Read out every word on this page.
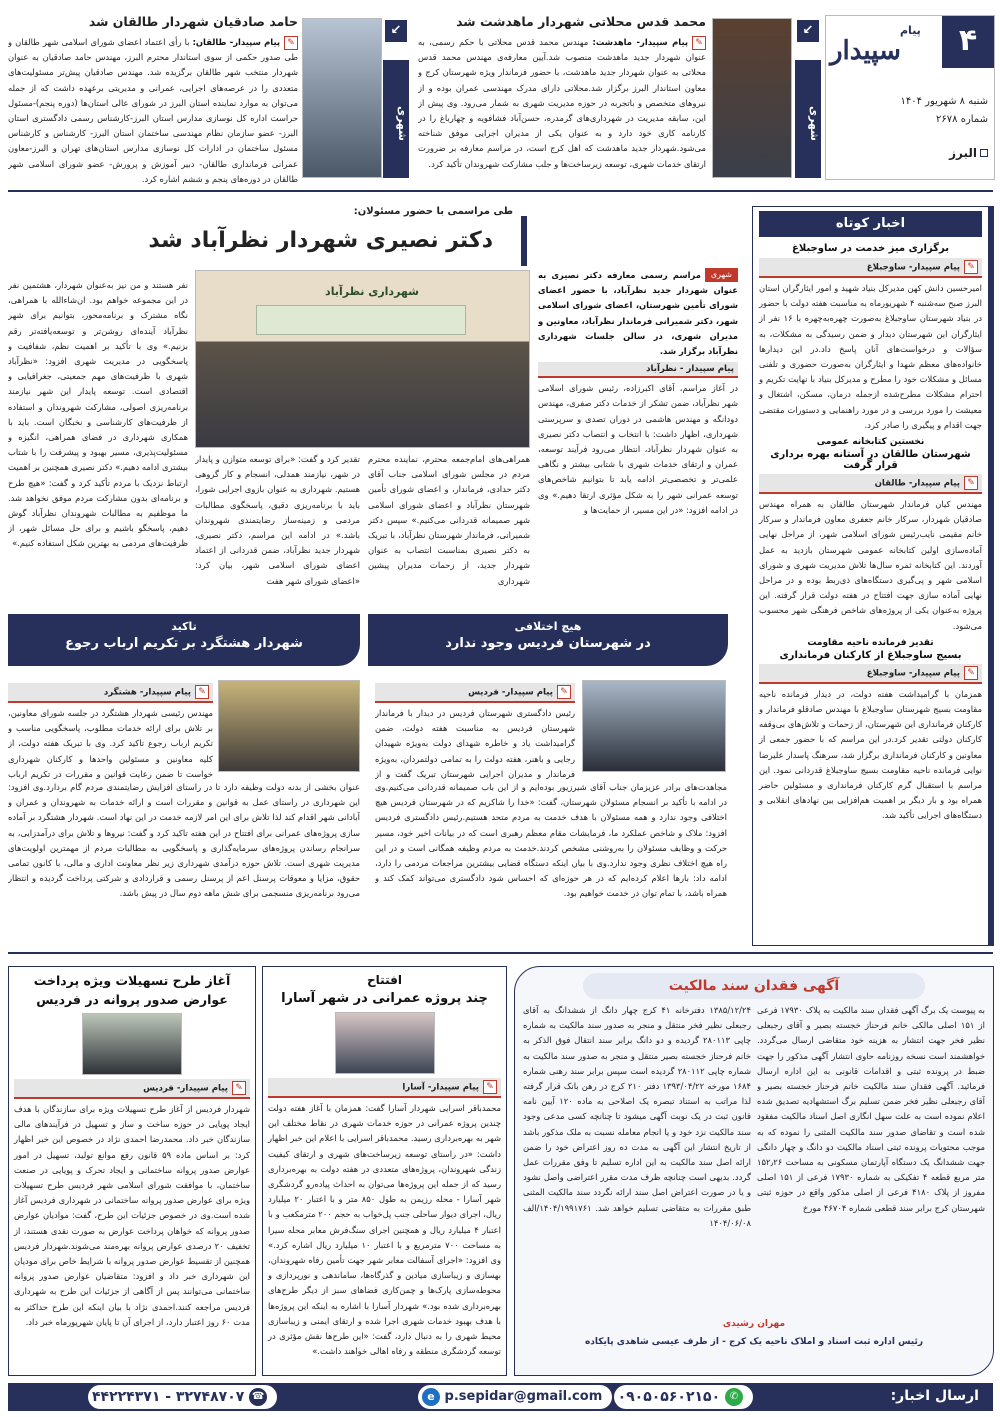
۴
پیام
سپیدار
شنبه ۸ شهریور ۱۴۰۴
شماره ۲۶۷۸
البرز
شهری
↙
محمد قدس محلاتی شهردار ماهدشت شد

✎پیام سپیدار- ماهدشت: مهندس محمد قدس محلاتی با حکم رسمی، به عنوان شهردار جدید ماهدشت منصوب شد.آیین معارفه‌ی مهندس محمد قدس محلاتی به عنوان شهردار جدید ماهدشت، با حضور فرماندار ویژه شهرستان کرج و معاون استاندار البرز برگزار شد.محلاتی دارای مدرک مهندسی عمران بوده و از نیروهای متخصص و باتجربه در حوزه مدیریت شهری به شمار می‌رود. وی پیش از این، سابقه مدیریت در شهرداری‌های گرمدره، حسن‌آباد فشافویه و چهارباغ را در کارنامه کاری خود دارد و به عنوان یکی از مدیران اجرایی موفق شناخته می‌شود.شهردار جدید ماهدشت که اهل کرج است، در مراسم معارفه بر ضرورت ارتقای خدمات شهری، توسعه زیرساخت‌ها و جلب مشارکت شهروندان تأکید کرد.

شهری
↙
حامد صادقیان شهردار طالقان شد

✎پیام سپیدار- طالقان: با رأی اعتماد اعضای شورای اسلامی شهر طالقان و طی صدور حکمی از سوی استاندار محترم البرز، مهندس حامد صادقیان به عنوان شهردار منتخب شهر طالقان برگزیده شد. مهندس صادقیان پیش‌تر مسئولیت‌های متعددی را در عرصه‌های اجرایی، عمرانی و مدیریتی برعهده داشت که از جمله می‌توان به موارد نماینده استان البرز در شورای عالی استان‌ها (دوره پنجم)-مسئول حراست اداره کل نوسازی مدارس استان البرز-کارشناس رسمی دادگستری استان البرز- عضو سازمان نظام مهندسی ساختمان استان البرز- کارشناس و کارشناس مسئول ساختمان در ادارات کل نوسازی مدارس استان‌های تهران و البرز-معاون عمرانی فرمانداری طالقان- دبیر آموزش و پرورش- عضو شورای اسلامی شهر طالقان در دوره‌های پنجم و ششم اشاره کرد.

طی مراسمی با حضور مسئولان:
دکتر نصیری شهردار نظرآباد شد

شهری
مراسم رسمی معارفه دکتر نصیری به عنوان شهردار جدید نظرآباد، با حضور اعضای شورای تأمین شهرستان، اعضای شورای اسلامی شهر، دکتر شمیرانی فرماندار نظرآباد، معاونین و مدیران شهری، در سالن جلسات شهرداری نظرآباد برگزار شد.

پیام سپیدار - نظرآباد

در آغاز مراسم، آقای اکبرزاده، رئیس شورای اسلامی شهر نظرآباد، ضمن تشکر از خدمات دکتر صفری، مهندس دودانگه و مهندس هاشمی در دوران تصدی و سرپرستی شهرداری، اظهار داشت: با انتخاب و انتصاب دکتر نصیری به عنوان شهردار نظرآباد، انتظار می‌رود فرآیند توسعه، عمران و ارتقای خدمات شهری با شتابی بیشتر و نگاهی علمی‌تر و تخصصی‌تر ادامه یابد تا بتوانیم شاخص‌های توسعه عمرانی شهر را به شکل مؤثری ارتقا دهیم.» وی در ادامه افزود: «در این مسیر، از حمایت‌ها و

شهرداری نظرآباد

همراهی‌های امام‌جمعه محترم، نماینده محترم مردم در مجلس شورای اسلامی جناب آقای دکتر حدادی، فرماندار، و اعضای شورای تأمین شهرستان نظرآباد و اعضای شورای اسلامی شهر صمیمانه قدردانی می‌کنیم.» سپس دکتر شمیرانی، فرماندار شهرستان نظرآباد، با تبریک به دکتر نصیری بمناسبت انتصاب به عنوان شهردار جدید، از زحمات مدیران پیشین شهرداری

تقدیر کرد و گفت: «برای توسعه متوازن و پایدار در شهر، نیازمند همدلی، انسجام و کار گروهی هستیم. شهرداری به عنوان بازوی اجرایی شورا، باید با برنامه‌ریزی دقیق، پاسخگوی مطالبات مردمی و زمینه‌ساز رضایتمندی شهروندان باشد.» در ادامه این مراسم، دکتر نصیری، شهردار جدید نظرآباد، ضمن قدردانی از اعتماد اعضای شورای اسلامی شهر، بیان کرد: «اعضای شورای شهر هفت

نفر هستند و من نیز به‌عنوان شهردار، هشتمین نفر در این مجموعه خواهم بود. ان‌شاءالله با همراهی، نگاه مشترک و برنامه‌محور، بتوانیم برای شهر نظرآباد آینده‌ای روشن‌تر و توسعه‌یافته‌تر رقم بزنیم.» وی با تأکید بر اهمیت نظم، شفافیت و پاسخگویی در مدیریت شهری افزود: «نظرآباد شهری با ظرفیت‌های مهم جمعیتی، جغرافیایی و اقتصادی است. توسعه پایدار این شهر نیازمند برنامه‌ریزی اصولی، مشارکت شهروندان و استفاده از ظرفیت‌های کارشناسی و نخبگان است. باید با همکاری شهرداری در فضای همراهی، انگیزه و مسئولیت‌پذیری، مسیر بهبود و پیشرفت را با شتاب بیشتری ادامه دهیم.» دکتر نصیری همچنین بر اهمیت ارتباط نزدیک با مردم تأکید کرد و گفت: «هیچ طرح و برنامه‌ای بدون مشارکت مردم موفق نخواهد شد. ما موظفیم به مطالبات شهروندان نظرآباد گوش دهیم، پاسخگو باشیم و برای حل مسائل شهر، از ظرفیت‌های مردمی به بهترین شکل استفاده کنیم.»

اخبار کوتاه
برگزاری میز خدمت در ساوجبلاغ
✎پیام سپیدار- ساوجبلاغ

امیرحسین دانش کهن مدیرکل بنیاد شهید و امور ایثارگران استان البرز صبح سه‌شنبه ۴ شهریورماه به مناسبت هفته دولت با حضور در بنیاد شهرستان ساوجبلاغ به‌صورت چهره‌به‌چهره با ۱۶ نفر از ایثارگران این شهرستان دیدار و ضمن رسیدگی به مشکلات، به سؤالات و درخواست‌های آنان پاسخ داد.در این دیدارها خانواده‌های معظم شهدا و ایثارگران به‌صورت حضوری و تلفنی مسائل و مشکلات خود را مطرح و مدیرکل بنیاد با نهایت تکریم و احترام مشکلات مطرح‌شده ازجمله درمان، مسکن، اشتغال و معیشت را مورد بررسی و در مورد راهنمایی و دستورات مقتضی جهت اقدام و پیگیری را صادر کرد.

نخستین کتابخانه عمومی
شهرستان طالقان در آستانه بهره برداری قرار گرفت
✎پیام سپیدار- طالقان

مهندس کیان فرماندار شهرستان طالقان به همراه مهندس صادقیان شهردار، سرکار خانم جعفری معاون فرماندار و سرکار خانم مقیمی نایب‌رئیس شورای اسلامی شهر، از مراحل نهایی آماده‌سازی اولین کتابخانه عمومی شهرستان بازدید به عمل آوردند. این کتابخانه ثمره سال‌ها تلاش مدیریت شهری و شورای اسلامی شهر و پی‌گیری دستگاه‌های ذی‌ربط بوده و در مراحل نهایی آماده سازی جهت افتتاح در هفته دولت قرار گرفته. این پروژه به‌عنوان یکی از پروژه‌های شاخص فرهنگی شهر محسوب می‌شود.

تقدیر فرمانده ناحیه مقاومت
بسیج ساوجبلاغ از کارکنان فرمانداری
✎پیام سپیدار- ساوجبلاغ

همزمان با گرامیداشت هفته دولت، در دیدار فرمانده ناحیه مقاومت بسیج شهرستان ساوجبلاغ با مهندس صادقلو فرماندار و کارکنان فرمانداری این شهرستان، از زحمات و تلاش‌های بی‌وقفه کارکنان دولتی تقدیر کرد.در این مراسم که با حضور جمعی از معاونین و کارکنان فرمانداری برگزار شد، سرهنگ پاسدار علیرضا نوایی فرمانده ناحیه مقاومت بسیج ساوجبلاغ قدردانی نمود. این مراسم با استقبال گرم کارکنان فرمانداری و مسئولین حاضر همراه بود و بار دیگر بر اهمیت هم‌افزایی بین نهادهای انقلابی و دستگاه‌های اجرایی تأکید شد.

هیچ اختلافی
در شهرستان فردیس وجود ندارد
✎پیام سپیدار- فردیس

رئیس دادگستری شهرستان فردیس در دیدار با فرماندار شهرستان فردیس به مناسبت هفته دولت، ضمن گرامیداشت یاد و خاطره شهدای دولت به‌ویژه شهیدان رجایی و باهنر، هفته دولت را به تمامی دولتمردان، به‌ویژه فرماندار و مدیران اجرایی شهرستان تبریک گفت و از

مجاهدت‌های برادر عزیزمان جناب آقای شیرزیور بوده‌ایم و از این باب صمیمانه قدردانی می‌کنیم.وی در ادامه با تأکید بر انسجام مسئولان شهرستان، گفت: «خدا را شاکریم که در شهرستان فردیس هیچ اختلافی وجود ندارد و همه مسئولان با هدف خدمت به مردم متحد هستیم.رئیس دادگستری فردیس افزود: ملاک و شاخص عملکرد ما، فرمایشات مقام معظم رهبری است که در بیانات اخیر خود، مسیر حرکت و وظایف مسئولان را به‌روشنی مشخص کردند.خدمت به مردم وظیفه همگانی است و در این راه هیچ اختلاف نظری وجود ندارد.وی با بیان اینکه دستگاه قضایی بیشترین مراجعات مردمی را دارد، ادامه داد: بارها اعلام کرده‌ایم که در هر حوزه‌ای که احساس شود دادگستری می‌تواند کمک کند و همراه باشد، با تمام توان در خدمت خواهیم بود.

تاکید
شهردار هشتگرد بر تکریم ارباب رجوع
✎پیام سپیدار- هشتگرد

مهندس رئیسی شهردار هشتگرد در جلسه شورای معاونین، بر تلاش برای ارائه خدمات مطلوب، پاسخگویی مناسب و تکریم ارباب رجوع تاکید کرد. وی با تبریک هفته دولت، از کلیه معاونین و مسئولین واحدها و کارکنان شهرداری خواست تا ضمن رعایت قوانین و مقررات در تکریم ارباب

عنوان بخشی از بدنه دولت وظیفه دارد تا در راستای افزایش رضایتمندی مردم گام بردارد.وی افزود: این شهرداری در راستای عمل به قوانین و مقررات است و ارائه خدمات به شهروندان و عمران و آبادانی شهر اقدام کند لذا تلاش برای این امر لازمه خدمت در این نهاد است. شهردار هشتگرد بر آماده سازی پروژه‌های عمرانی برای افتتاح در این هفته تاکید کرد و گفت: نیروها و تلاش برای درآمدزایی، به سرانجام رساندن پروژه‌های سرمایه‌گذاری و پاسخگویی به مطالبات مردم از مهمترین اولویت‌های مدیریت شهری است. تلاش حوزه درآمدی شهرداری زیر نظر معاونت اداری و مالی، با کانون تمامی حقوق، مزایا و معوقات پرسنل اعم از پرسنل رسمی و قراردادی و شرکتی پرداخت گردیده و انتظار می‌رود برنامه‌ریزی منسجمی برای شش ماهه دوم سال در پیش باشد.

آگهی فقدان سند مالکیت

به پیوست یک برگ آگهی فقدان سند مالکیت به پلاک ۱۷۹۳۰ فرعی از ۱۵۱ اصلی مالکی خانم فرحناز خجسته بصیر و آقای رجبعلی نظیر فخر جهت انتشار به هزینه خود متقاضی ارسال می‌گردد. خواهشمند است نسخه روزنامه حاوی انتشار آگهی مذکور را جهت ضبط در پرونده ثبتی و اقدامات قانونی به این اداره ارسال فرمائید. آگهی فقدان سند مالکیت خانم فرحناز خجسته بصیر و آقای رجبعلی نظیر فخر ضمن تسلیم برگ استشهادیه تصدیق شده اعلام نموده است به علت سهل انگاری اصل اسناد مالکیت مفقود شده است و تقاضای صدور سند مالکیت المثنی را نموده که به موجب محتویات پرونده ثبتی اسناد مالکیت دو دانگ و چهار دانگی جهت ششدانگ یک دستگاه آپارتمان مسکونی به مساحت ۱۵۲٫۲۶ متر مربع قطعه ۴ تفکیکی به شماره ۱۷۹۳۰ فرعی از ۱۵۱ اصلی مفروز از پلاک ۴۱۸۰ فرعی از اصلی مذکور واقع در حوزه ثبتی شهرستان کرج برابر سند قطعی شماره ۴۶۷۰۴ مورخ

۱۳۸۵/۱۲/۲۴ دفترخانه ۴۱ کرج چهار دانگ از ششدانگ به آقای رجبعلی نظیر فخر منتقل و منجر به صدور سند مالکیت به شماره چاپی ۲۸۰۱۱۳ گردیده و دو دانگ برابر سند انتقال فوق الذکر به خانم فرحناز خجسته بصیر منتقل و منجر به صدور سند مالکیت به شماره چاپی ۲۸۰۱۱۲ گردیده است سپس برابر سند رهنی شماره ۱۶۸۴ مورخه ۱۳۹۳/۰۴/۲۲ دفتر ۲۱۰ کرج در رهن بانک قرار گرفته لذا مراتب به استناد تبصره یک اصلاحی به ماده ۱۲۰ آیین نامه قانون ثبت در یک نوبت آگهی میشود تا چنانچه کسی مدعی وجود سند مالکیت نزد خود و یا انجام معامله نسبت به ملک مذکور باشد از تاریخ انتشار این آگهی به مدت ده روز اعتراض خود را ضمن ارائه اصل سند مالکیت به این اداره تسلیم تا وفق مقررات عمل گردد. بدیهی است چنانچه ظرف مدت مقرر اعتراضی واصل نشود و یا در صورت اعتراض اصل سند ارائه نگردد سند مالکیت المثنی طبق مقررات به متقاضی تسلیم خواهد شد. ۱۴۰۴/۱۹۹۱۷۶۱/الف ۱۴۰۴/۰۶/۰۸

مهران رشیدی
رئیس اداره ثبت اسناد و املاک ناحیه یک کرج - از طرف عیسی شاهدی پایکاده
افتتاح
چند پروژه عمرانی در شهر آسارا
✎پیام سپیدار- آسارا

محمدباقر اسرایی شهردار آسارا گفت: همزمان با آغاز هفته دولت چندین پروژه عمرانی در حوزه خدمات شهری در نقاط مختلف این شهر به بهره‌برداری رسید. محمدباقر اسرایی با اعلام این خبر اظهار داشت: «در راستای توسعه زیرساخت‌های شهری و ارتقای کیفیت زندگی شهروندان، پروژه‌های متعددی در هفته دولت به بهره‌برداری رسید که از جمله این پروژه‌ها می‌توان به احداث پیاده‌رو گردشگری شهر آسارا - محله رزیمن به طول ۸۵۰ متر و با اعتبار ۲۰ میلیارد ریال، اجرای دیوار ساحلی جنب پل‌خواب به حجم ۲۰۰ مترمکعب و با اعتبار ۴ میلیارد ریال و همچنین اجرای سنگ‌فرش معابر محله سیرا به مساحت ۷۰۰ مترمربع و با اعتبار ۱۰ میلیارد ریال اشاره کرد.» وی افزود: «اجرای آسفالت معابر شهر جهت تأمین رفاه شهروندان، بهسازی و زیباسازی میادین و گذرگاه‌ها، ساماندهی و نورپردازی و محوطه‌سازی پارک‌ها و چمن‌کاری فضاهای سبز از دیگر طرح‌های بهره‌برداری شده بود.» شهردار آسارا با اشاره به اینکه این پروژه‌ها با هدف بهبود خدمات شهری اجرا شده و ارتقای ایمنی و زیباسازی محیط شهری را به دنبال دارد، گفت: «این طرح‌ها نقش مؤثری در توسعه گردشگری منطقه و رفاه اهالی خواهند داشت.»

آغاز طرح تسهیلات ویژه پرداخت
عوارض صدور پروانه در فردیس
✎پیام سپیدار- فردیس

شهردار فردیس از آغاز طرح تسهیلات ویژه برای سازندگان با هدف ایجاد پویایی در حوزه ساخت و ساز و تسهیل در فرآیندهای مالی سازندگان خبر داد. محمدرضا احمدی نژاد در خصوص این خبر اظهار کرد: بر اساس ماده ۵۹ قانون رفع موانع تولید، تسهیل در امور عوارض صدور پروانه ساختمانی و ایجاد تحرک و پویایی در صنعت ساختمان، با موافقت شورای اسلامی شهر فردیس طرح تسهیلات ویژه برای عوارض صدور پروانه ساختمانی در شهرداری فردیس آغاز شده است.وی در خصوص جزئیات این طرح، گفت: موادیان عوارض صدور پروانه که خواهان پرداخت عوارض به صورت نقدی هستند، از تخفیف ۲۰ درصدی عوارض پروانه بهره‌مند می‌شوند.شهردار فردیس همچنین از تقسیط عوارض صدور پروانه با شرایط خاص برای مودیان این شهرداری خبر داد و افزود: متقاضیان عوارض صدور پروانه ساختمانی می‌توانند پس از آگاهی از جزئیات این طرح به شهرداری فردیس مراجعه کنند.احمدی نژاد با بیان اینکه این طرح حداکثر به مدت ۶۰ روز اعتبار دارد، از اجرای آن تا پایان شهریورماه خبر داد.

ارسال اخبار:
✆ ۰۹۰۵۰۵۶۰۲۱۵۰
e p.sepidar@gmail.com
☎ ۳۲۷۴۸۷۰۷ - ۴۴۲۲۴۳۷۱
